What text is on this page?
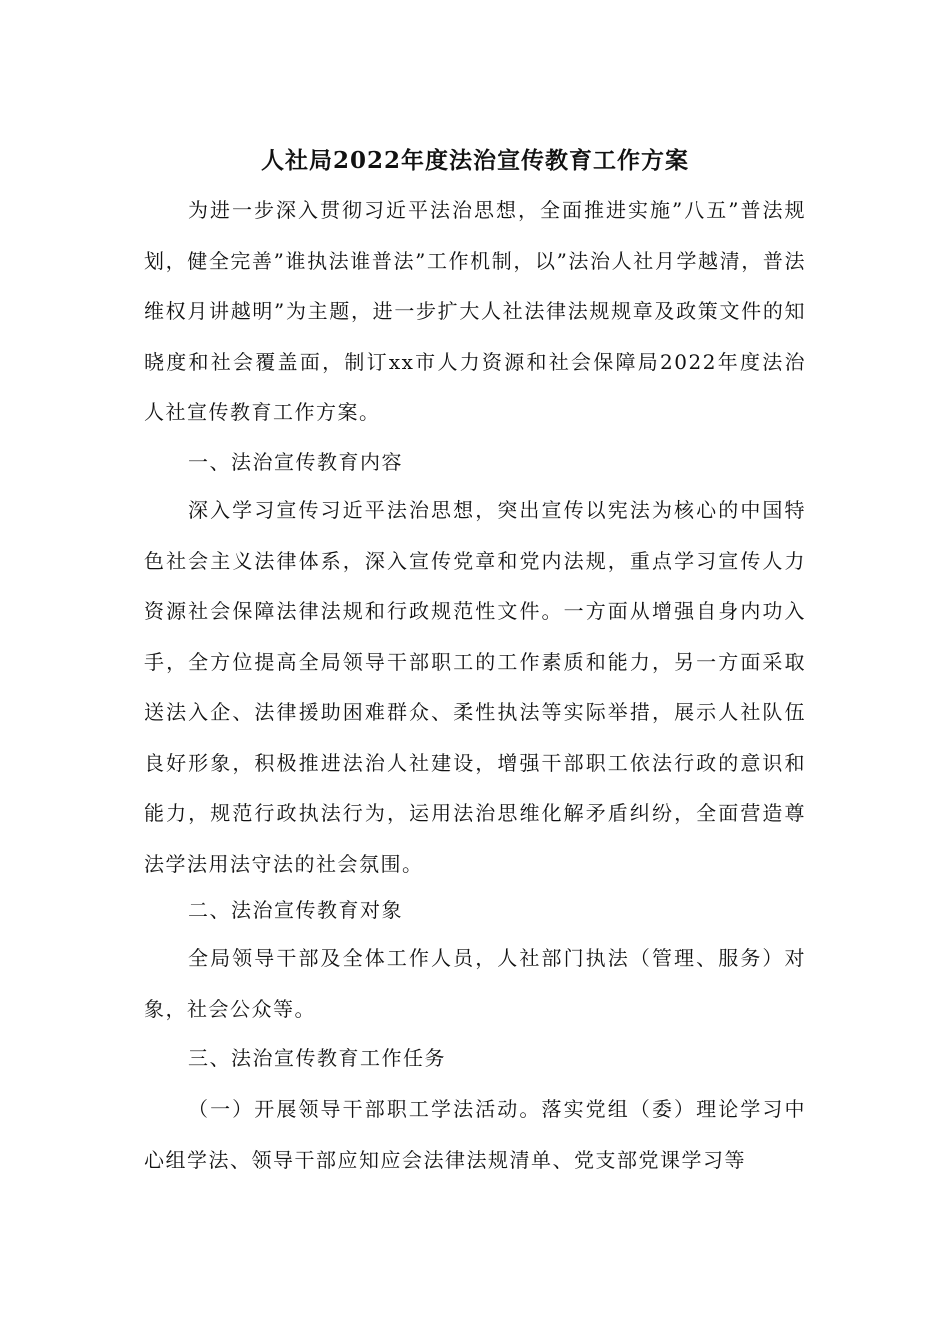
人社局2022年度法治宣传教育工作方案
为进一步深入贯彻习近平法治思想，全面推进实施”八五”普法规划，健全完善”谁执法谁普法”工作机制，以”法治人社月学越清，普法维权月讲越明”为主题，进一步扩大人社法律法规规章及政策文件的知晓度和社会覆盖面，制订xx市人力资源和社会保障局2022年度法治人社宣传教育工作方案。
一、法治宣传教育内容
深入学习宣传习近平法治思想，突出宣传以宪法为核心的中国特色社会主义法律体系，深入宣传党章和党内法规，重点学习宣传人力资源社会保障法律法规和行政规范性文件。一方面从增强自身内功入手，全方位提高全局领导干部职工的工作素质和能力，另一方面采取送法入企、法律援助困难群众、柔性执法等实际举措，展示人社队伍良好形象，积极推进法治人社建设，增强干部职工依法行政的意识和能力，规范行政执法行为，运用法治思维化解矛盾纠纷，全面营造尊法学法用法守法的社会氛围。
二、法治宣传教育对象
全局领导干部及全体工作人员，人社部门执法（管理、服务）对象，社会公众等。
三、法治宣传教育工作任务
（一）开展领导干部职工学法活动。落实党组（委）理论学习中心组学法、领导干部应知应会法律法规清单、党支部党课学习等
